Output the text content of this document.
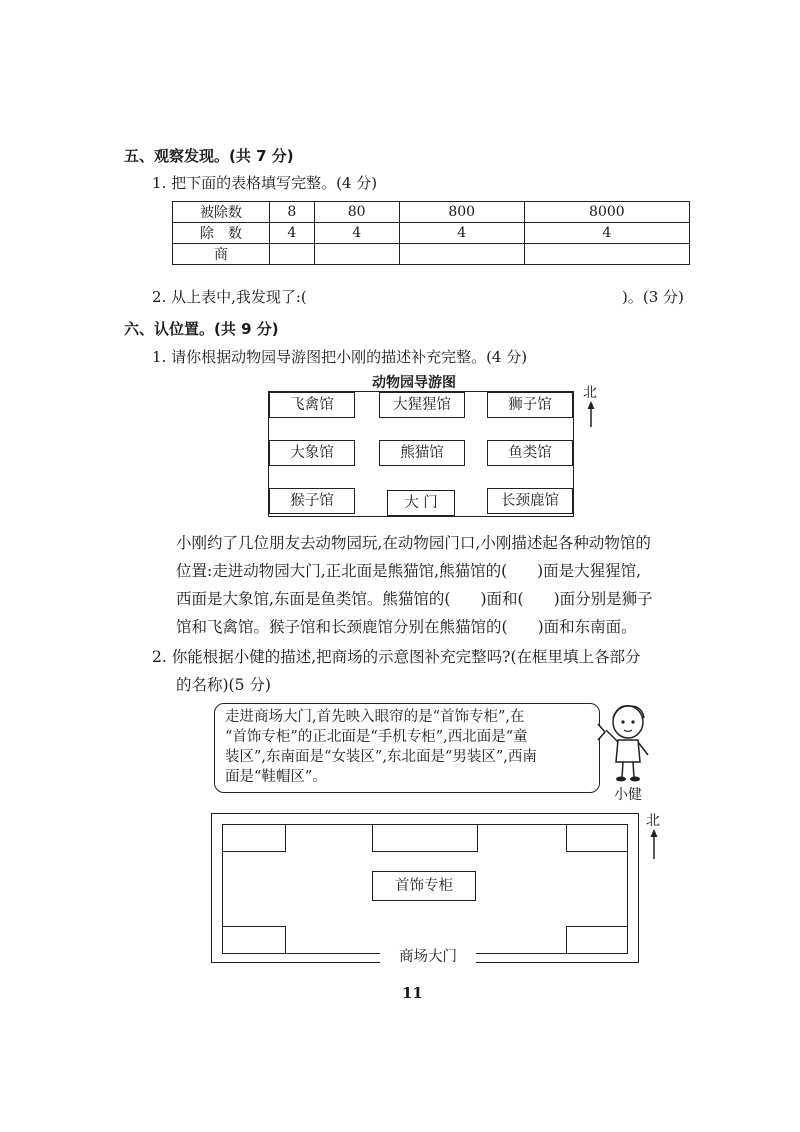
五、观察发现。(共 7 分)
1. 把下面的表格填写完整。(4 分)
被除数	8	80	800	8000
除　数	4	4	4	4
商				
2. 从上表中,我发现了:(	)。(3 分)
六、认位置。(共 9 分)
1. 请你根据动物园导游图把小刚的描述补充完整。(4 分)
动物园导游图
飞禽馆	大猩猩馆	狮子馆
大象馆	熊猫馆	鱼类馆
猴子馆	大 门	长颈鹿馆
北
小刚约了几位朋友去动物园玩,在动物园门口,小刚描述起各种动物馆的
位置:走进动物园大门,正北面是熊猫馆,熊猫馆的( )面是大猩猩馆,
西面是大象馆,东面是鱼类馆。熊猫馆的( )面和( )面分别是狮子
馆和飞禽馆。猴子馆和长颈鹿馆分别在熊猫馆的( )面和东南面。
2. 你能根据小健的描述,把商场的示意图补充完整吗?(在框里填上各部分
的名称)(5 分)
走进商场大门,首先映入眼帘的是“首饰专柜”,在
“首饰专柜”的正北面是“手机专柜”,西北面是“童
装区”,东南面是“女装区”,东北面是“男装区”,西南
面是“鞋帽区”。
小健
首饰专柜
商场大门
北
11
